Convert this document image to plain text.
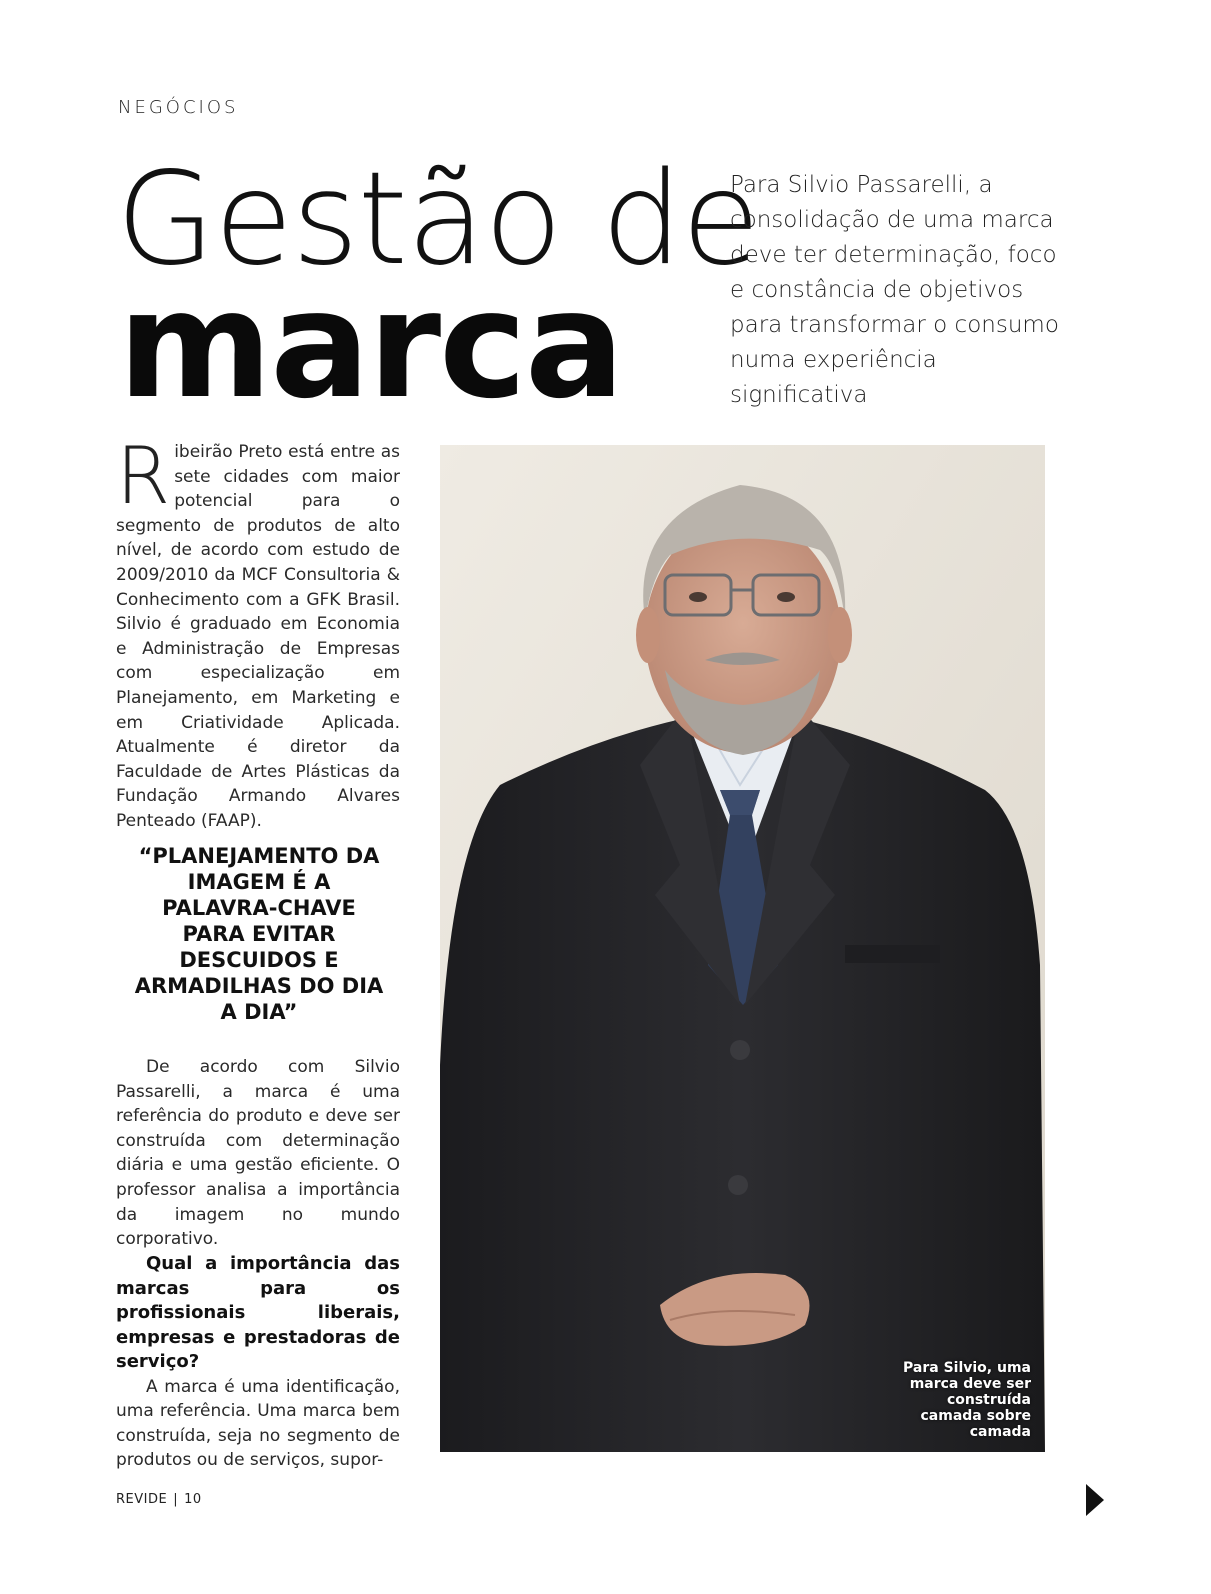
NEGÓCIOS
Gestão de
marca
Para Silvio Passarelli, a consolidação de uma marca deve ter determinação, foco e constância de objetivos para transformar o consumo numa experiência significativa

Ribeirão Preto está entre as sete cidades com maior potencial para o segmento de produtos de alto nível, de acordo com estudo de 2009/2010 da MCF Consultoria & Conhecimento com a GFK Brasil. Silvio é graduado em Economia e Administração de Empresas com especialização em Planejamento, em Marketing e em Criatividade Aplicada. Atualmente é diretor da Faculdade de Artes Plásticas da Fundação Armando Alvares Penteado (FAAP).

“PLANEJAMENTO DA IMAGEM É A PALAVRA-CHAVE PARA EVITAR DESCUIDOS E ARMADILHAS DO DIA A DIA”

De acordo com Silvio Passarelli, a marca é uma referência do produto e deve ser construída com determinação diária e uma gestão eficiente. O professor analisa a importância da imagem no mundo corporativo.

Qual a importância das marcas para os profissionais liberais, empresas e prestadoras de serviço?

A marca é uma identificação, uma referência. Uma marca bem construída, seja no segmento de produtos ou de serviços, supor-

Para Silvio, uma marca deve ser construída camada sobre camada
REVIDE | 10
